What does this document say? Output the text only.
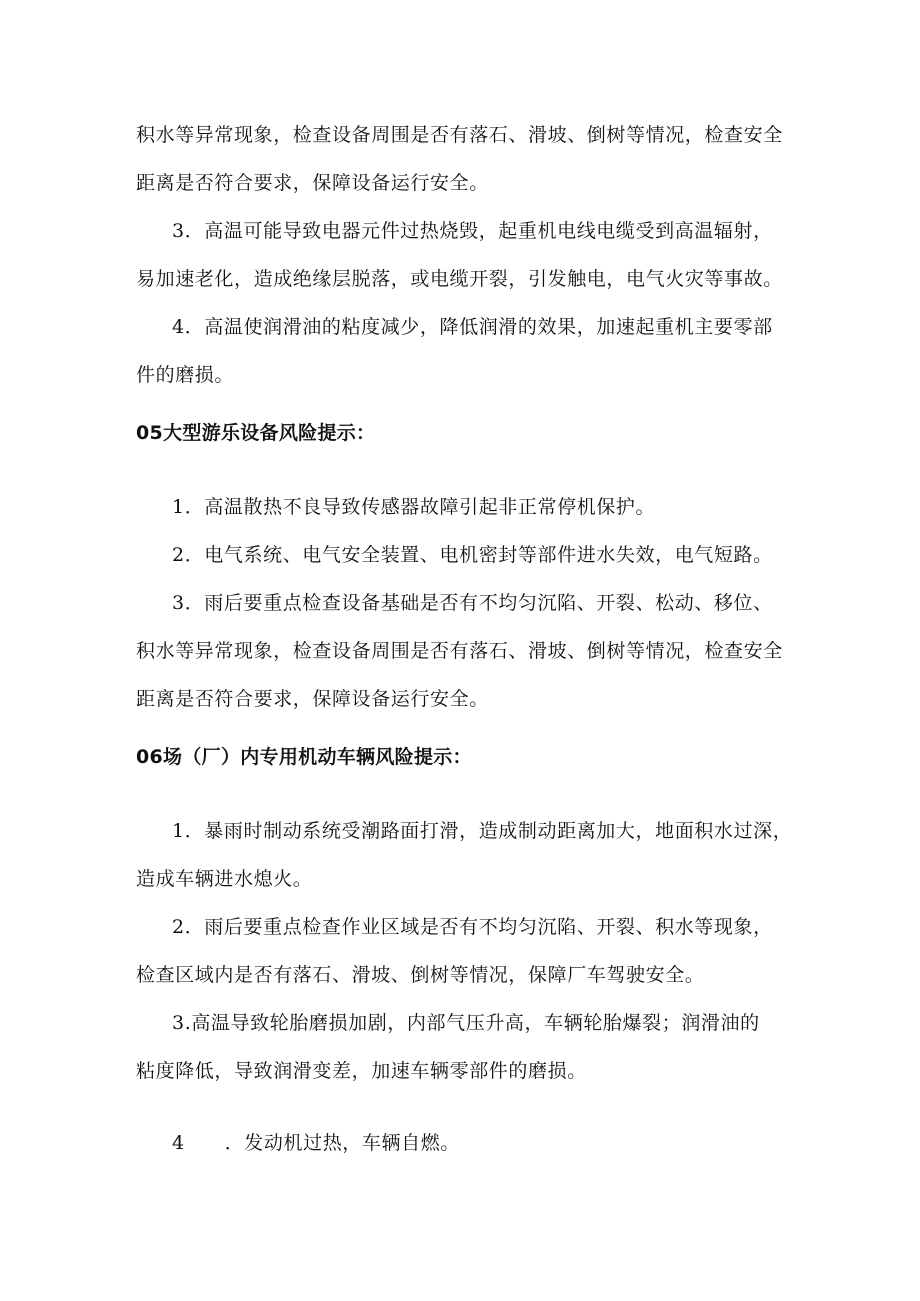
积水等异常现象，检查设备周围是否有落石、滑坡、倒树等情况，检查安全
距离是否符合要求，保障设备运行安全。
3．高温可能导致电器元件过热烧毁，起重机电线电缆受到高温辐射，
易加速老化，造成绝缘层脱落，或电缆开裂，引发触电，电气火灾等事故。
4．高温使润滑油的粘度减少，降低润滑的效果，加速起重机主要零部
件的磨损。
05大型游乐设备风险提示：
1．高温散热不良导致传感器故障引起非正常停机保护。
2．电气系统、电气安全装置、电机密封等部件进水失效，电气短路。
3．雨后要重点检查设备基础是否有不均匀沉陷、开裂、松动、移位、
积水等异常现象，检查设备周围是否有落石、滑坡、倒树等情况，检查安全
距离是否符合要求，保障设备运行安全。
06场（厂）内专用机动车辆风险提示：
1．暴雨时制动系统受潮路面打滑，造成制动距离加大，地面积水过深，
造成车辆进水熄火。
2．雨后要重点检查作业区域是否有不均匀沉陷、开裂、积水等现象，
检查区域内是否有落石、滑坡、倒树等情况，保障厂车驾驶安全。
3.高温导致轮胎磨损加剧，内部气压升高，车辆轮胎爆裂；润滑油的
粘度降低，导致润滑变差，加速车辆零部件的磨损。
4 ．发动机过热，车辆自燃。
